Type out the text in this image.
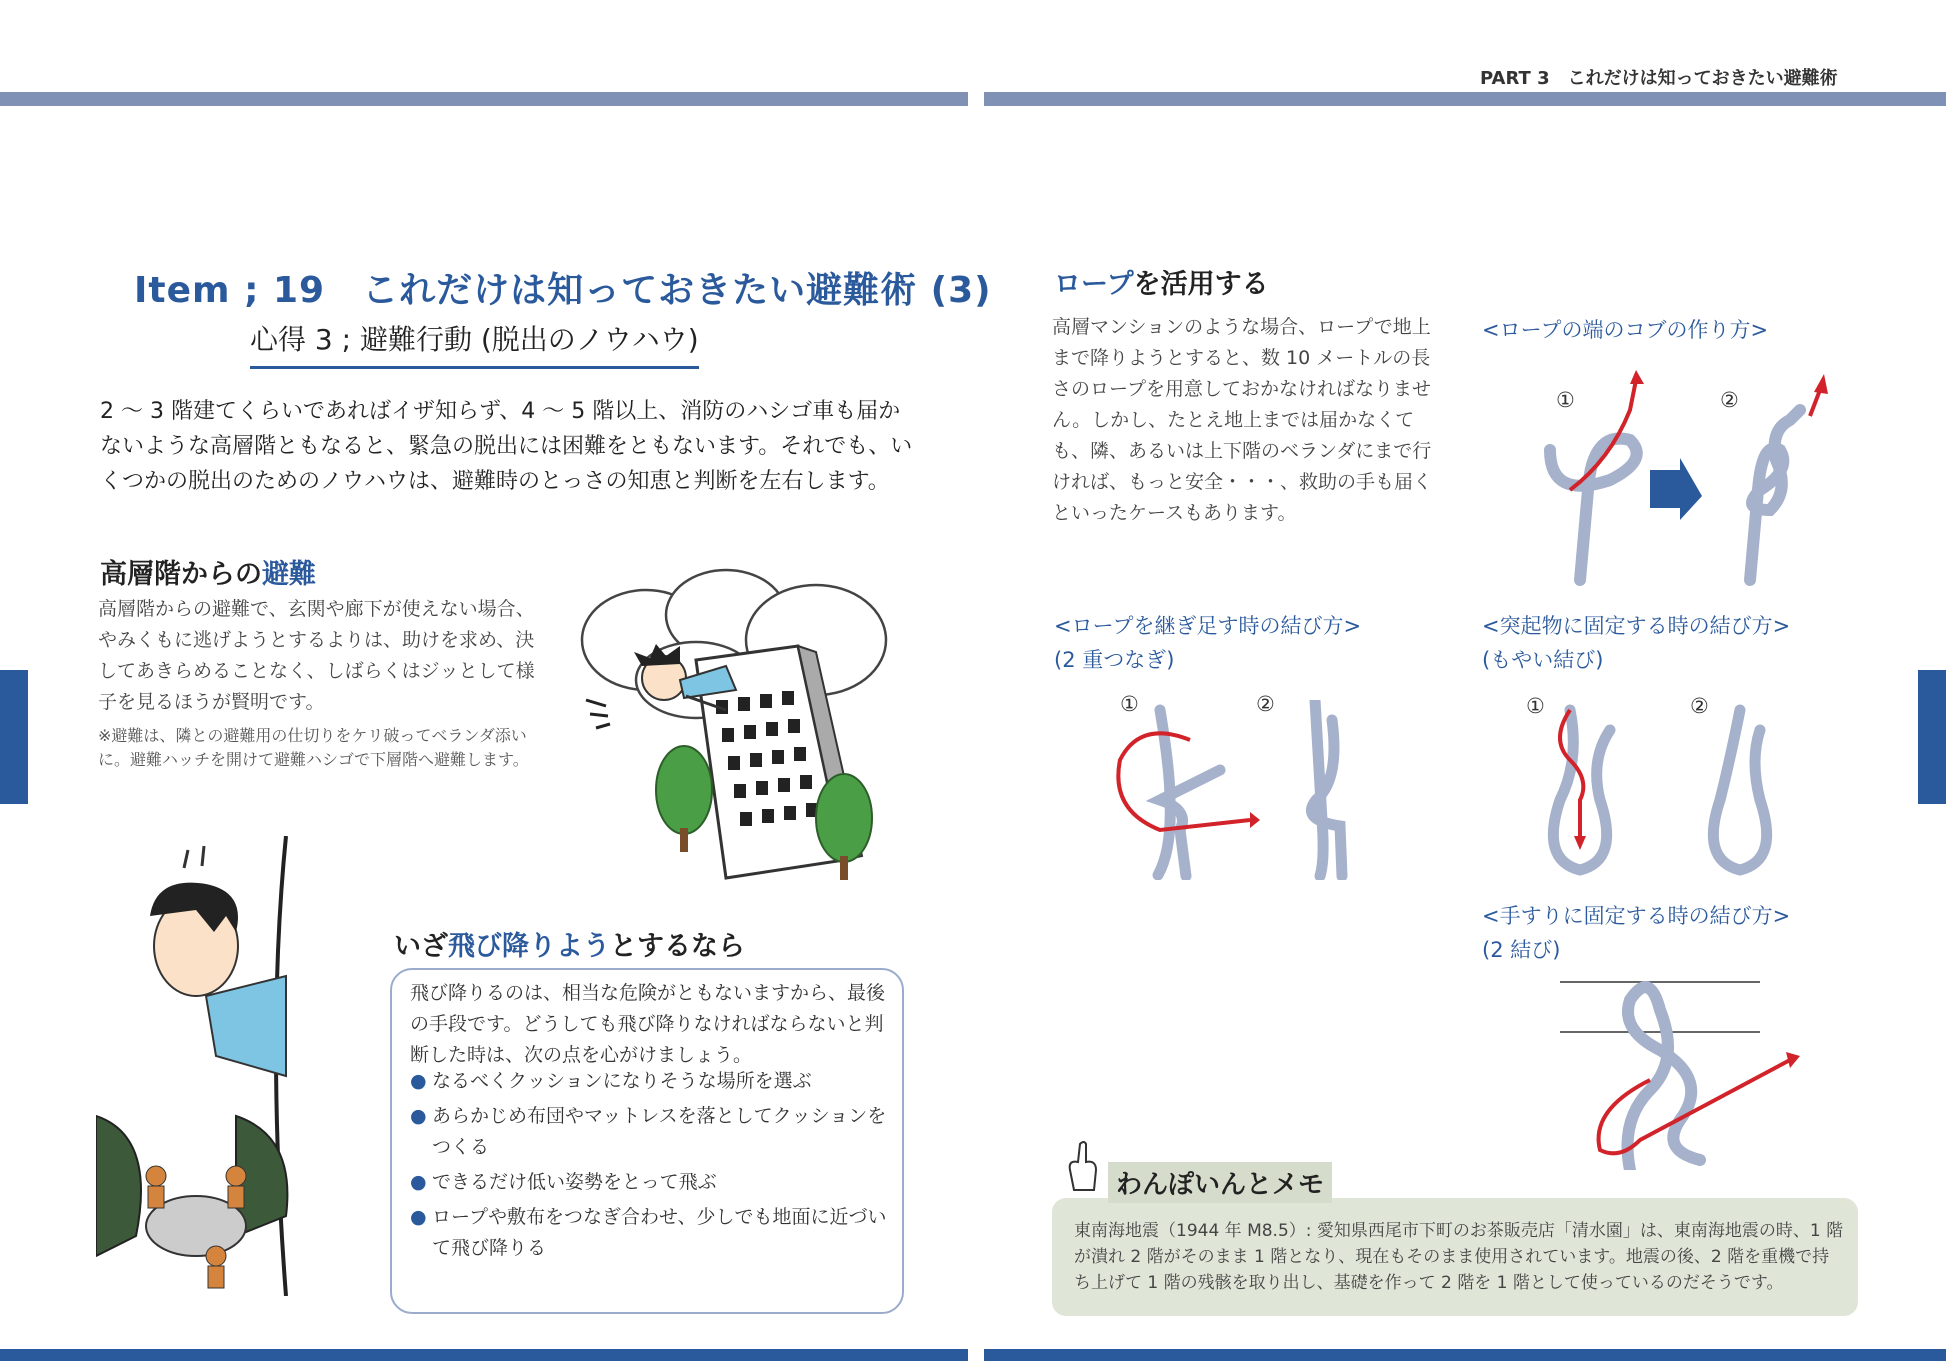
PART 3　これだけは知っておきたい避難術
Item ; 19　これだけは知っておきたい避難術 (3)
心得 3 ; 避難行動 (脱出のノウハウ)
2 ～ 3 階建てくらいであればイザ知らず、4 ～ 5 階以上、消防のハシゴ車も届かないような高層階ともなると、緊急の脱出には困難をともないます。それでも、いくつかの脱出のためのノウハウは、避難時のとっさの知恵と判断を左右します。
高層階からの避難
高層階からの避難で、玄関や廊下が使えない場合、やみくもに逃げようとするよりは、助けを求め、決してあきらめることなく、しばらくはジッとして様子を見るほうが賢明です。
※避難は、隣との避難用の仕切りをケリ破ってベランダ添いに。避難ハッチを開けて避難ハシゴで下層階へ避難します。
いざ飛び降りようとするなら
飛び降りるのは、相当な危険がともないますから、最後の手段です。どうしても飛び降りなければならないと判断した時は、次の点を心がけましょう。
● なるべくクッションになりそうな場所を選ぶ
● あらかじめ布団やマットレスを落としてクッションをつくる
● できるだけ低い姿勢をとって飛ぶ
● ロープや敷布をつなぎ合わせ、少しでも地面に近づいて飛び降りる
ロープを活用する
高層マンションのような場合、ロープで地上まで降りようとすると、数 10 メートルの長さのロープを用意しておかなければなりません。しかし、たとえ地上までは届かなくても、隣、あるいは上下階のベランダにまで行ければ、もっと安全・・・、救助の手も届くといったケースもあります。
<ロープの端のコブの作り方>
①	②
<ロープを継ぎ足す時の結び方>
(2 重つなぎ)
①	②
<突起物に固定する時の結び方>
(もやい結び)
①	②
<手すりに固定する時の結び方>
(2 結び)
わんぽいんとメモ
東南海地震（1944 年 M8.5）: 愛知県西尾市下町のお茶販売店「清水園」は、東南海地震の時、1 階が潰れ 2 階がそのまま 1 階となり、現在もそのまま使用されています。地震の後、2 階を重機で持ち上げて 1 階の残骸を取り出し、基礎を作って 2 階を 1 階として使っているのだそうです。
